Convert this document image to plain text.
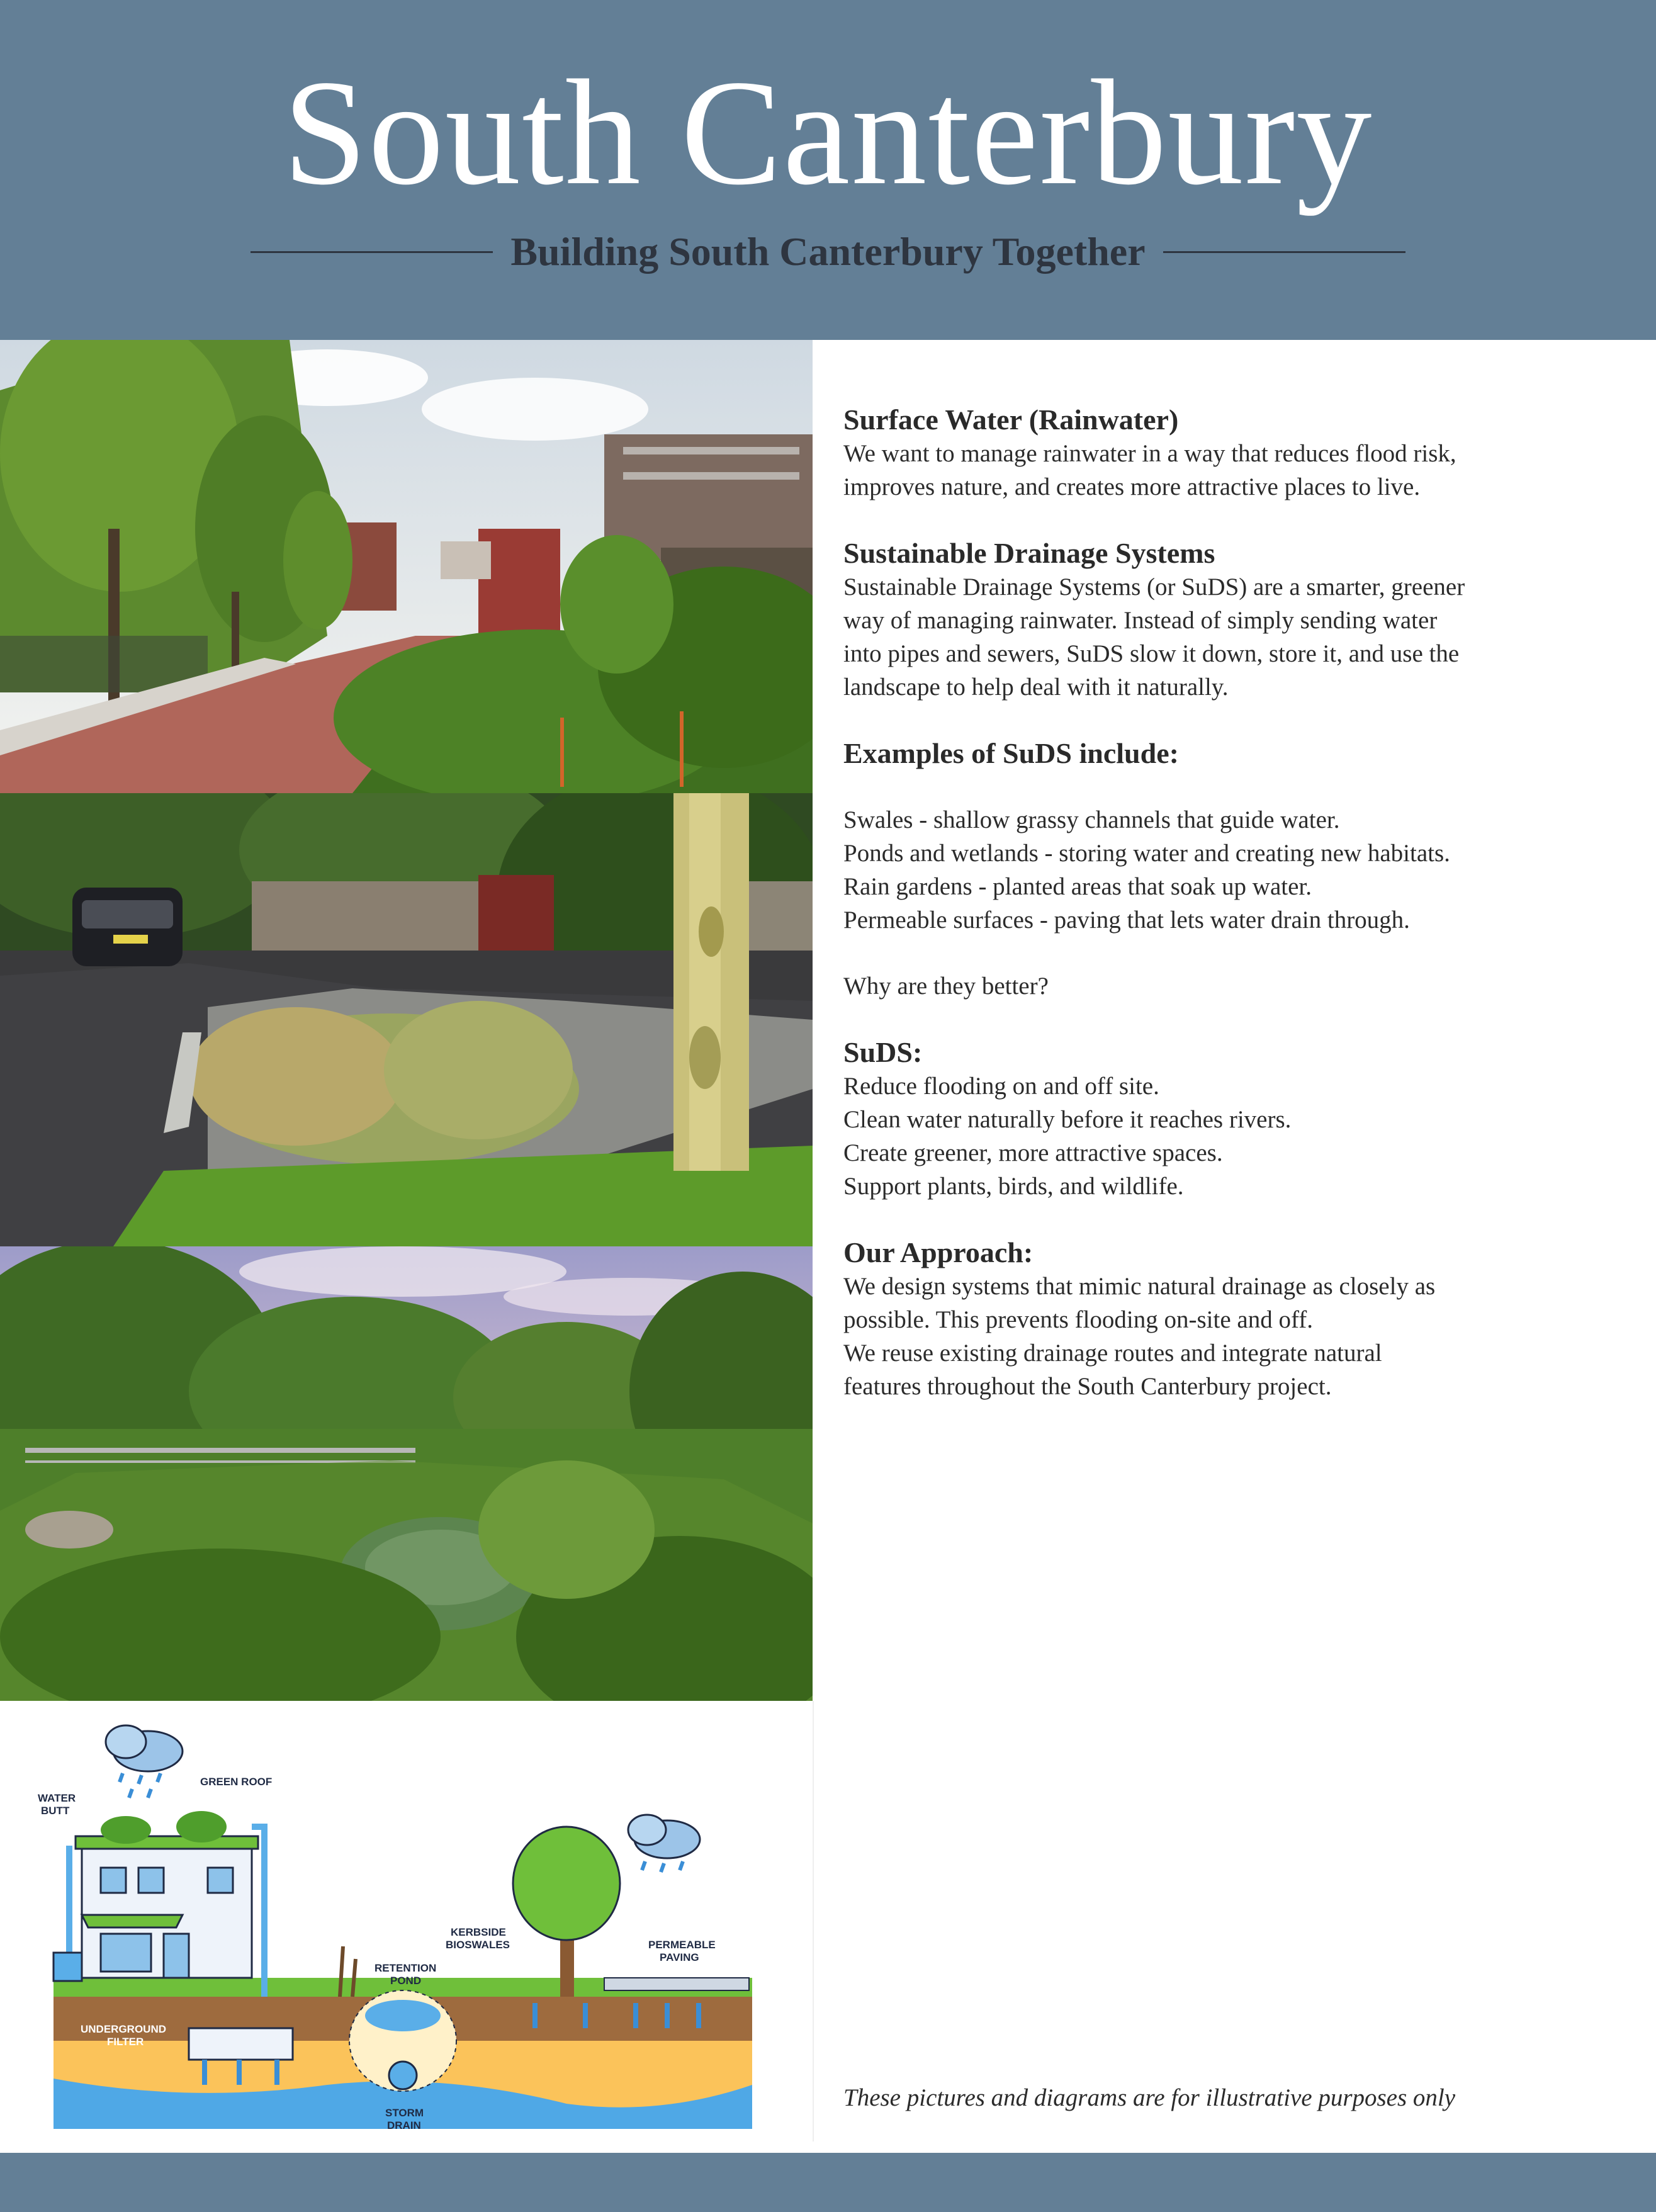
South Canterbury
Building South Canterbury Together
WATER
BUTT
GREEN ROOF
UNDERGROUND
FILTER
RETENTION
POND
KERBSIDE
BIOSWALES	PERMEABLE
PAVING
STORM
DRAIN
Surface Water (Rainwater)

We want to manage rainwater in a way that reduces flood risk,

improves nature, and creates more attractive places to live.

Sustainable Drainage Systems

Sustainable Drainage Systems (or SuDS) are a smarter, greener

way of managing rainwater. Instead of simply sending water

into pipes and sewers, SuDS slow it down, store it, and use the

landscape to help deal with it naturally.

Examples of SuDS include:

Swales - shallow grassy channels that guide water.

Ponds and wetlands - storing water and creating new habitats.

Rain gardens - planted areas that soak up water.

Permeable surfaces - paving that lets water drain through.

Why are they better?

SuDS:

Reduce flooding on and off site.

Clean water naturally before it reaches rivers.

Create greener, more attractive spaces.

Support plants, birds, and wildlife.

Our Approach:

We design systems that mimic natural drainage as closely as

possible. This prevents flooding on-site and off.

We reuse existing drainage routes and integrate natural

features throughout the South Canterbury project.

These pictures and diagrams are for illustrative purposes only
